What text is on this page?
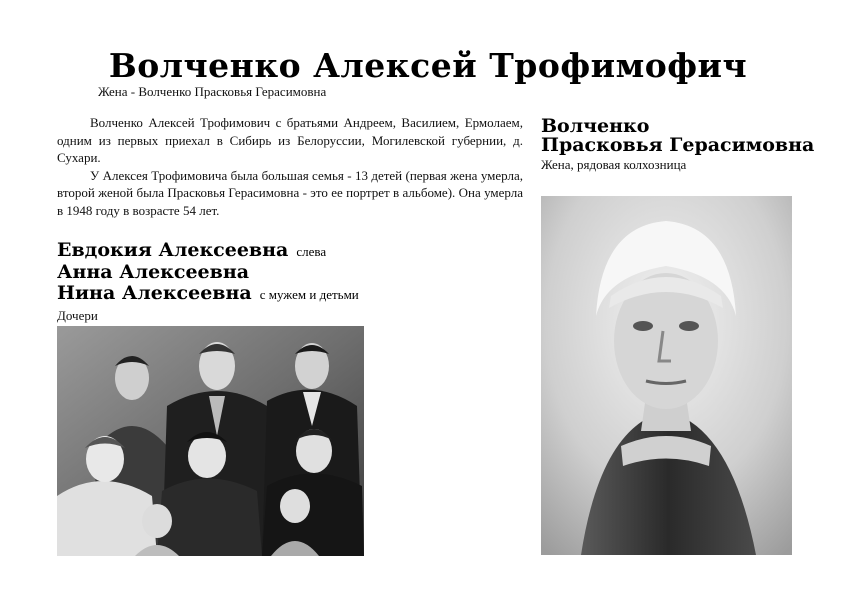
Волченко Алексей Трофимофич
Жена - Волченко Прасковья Герасимовна

Волченко Алексей Трофимович с братьями Андреем, Василием, Ермолаем, одним из первых приехал в Сибирь из Белоруссии, Могилевской губернии, д. Сухари.

У Алексея Трофимовича была большая семья - 13 детей (первая жена умерла, второй женой была Прасковья Герасимовна - это ее портрет в альбоме). Она умерла в 1948 году в возрасте 54 лет.

Евдокия Алексеевна слева
Анна Алексеевна
Нина Алексеевна с мужем и детьми
Дочери
Волченко
Прасковья Герасимовна
Жена, рядовая колхозница
